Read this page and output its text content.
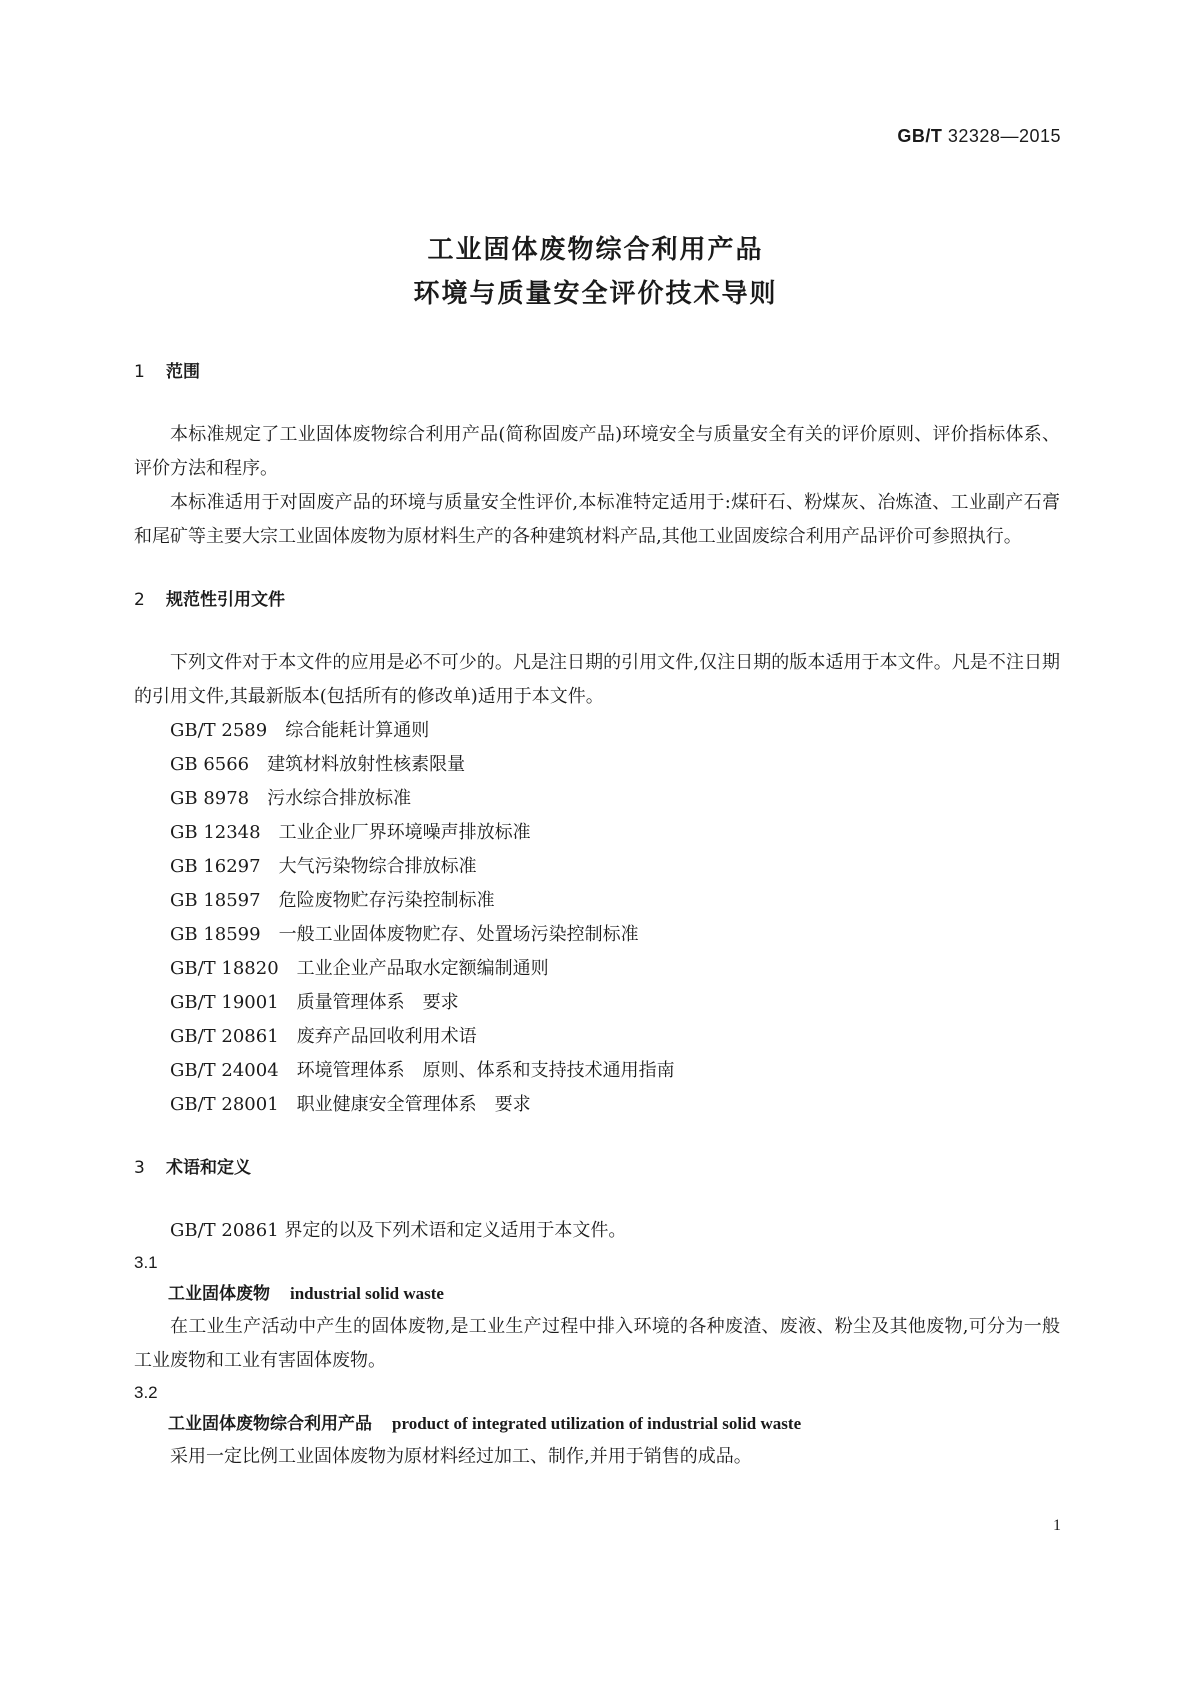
GB/T 32328—2015
工业固体废物综合利用产品
环境与质量安全评价技术导则

1 范围

本标准规定了工业固体废物综合利用产品(简称固废产品)环境安全与质量安全有关的评价原则、评价指标体系、评价方法和程序。

本标准适用于对固废产品的环境与质量安全性评价,本标准特定适用于:煤矸石、粉煤灰、冶炼渣、工业副产石膏和尾矿等主要大宗工业固体废物为原材料生产的各种建筑材料产品,其他工业固废综合利用产品评价可参照执行。

2 规范性引用文件

下列文件对于本文件的应用是必不可少的。凡是注日期的引用文件,仅注日期的版本适用于本文件。凡是不注日期的引用文件,其最新版本(包括所有的修改单)适用于本文件。

GB/T 2589 综合能耗计算通则

GB 6566 建筑材料放射性核素限量

GB 8978 污水综合排放标准

GB 12348 工业企业厂界环境噪声排放标准

GB 16297 大气污染物综合排放标准

GB 18597 危险废物贮存污染控制标准

GB 18599 一般工业固体废物贮存、处置场污染控制标准

GB/T 18820 工业企业产品取水定额编制通则

GB/T 19001 质量管理体系　要求

GB/T 20861 废弃产品回收利用术语

GB/T 24004 环境管理体系　原则、体系和支持技术通用指南

GB/T 28001 职业健康安全管理体系　要求

3 术语和定义

GB/T 20861 界定的以及下列术语和定义适用于本文件。

3.1

工业固体废物 industrial solid waste

在工业生产活动中产生的固体废物,是工业生产过程中排入环境的各种废渣、废液、粉尘及其他废物,可分为一般工业废物和工业有害固体废物。

3.2

工业固体废物综合利用产品 product of integrated utilization of industrial solid waste

采用一定比例工业固体废物为原材料经过加工、制作,并用于销售的成品。

1
